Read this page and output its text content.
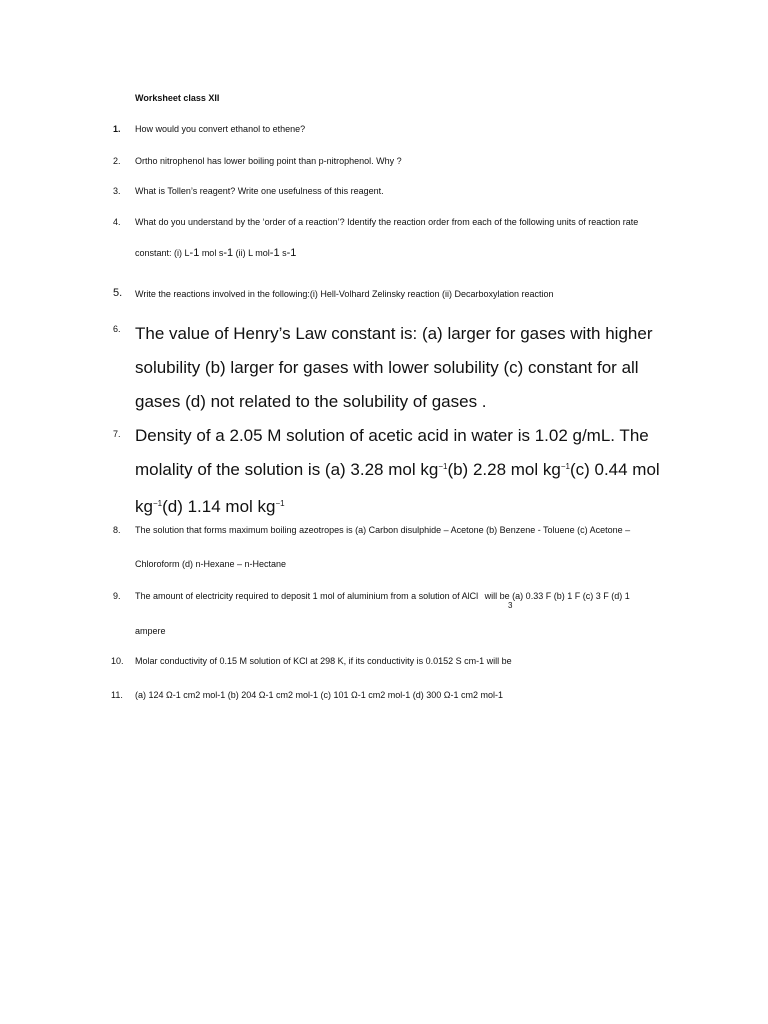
Worksheet class XII
1. How would you convert ethanol to ethene?
2. Ortho nitrophenol has lower boiling point than p-nitrophenol. Why ?
3. What is Tollen’s reagent? Write one usefulness of this reagent.
4. What do you understand by the ‘order of a reaction’? Identify the reaction order from each of the following units of reaction rate
constant: (i) L-1 mol s-1 (ii) L mol-1 s-1
5. Write the reactions involved in the following:(i) Hell-Volhard Zelinsky reaction (ii) Decarboxylation reaction
6. The value of Henry’s Law constant is: (a) larger for gases with higher solubility (b) larger for gases with lower solubility (c) constant for all gases (d) not related to the solubility of gases .
7. Density of a 2.05 M solution of acetic acid in water is 1.02 g/mL. The molality of the solution is (a) 3.28 mol $kg^{-1}(b)$ 2.28 mol $kg^{-1}(c)$ 0.44 mol $kg^{-1}(d)$ 1.14 mol $kg^{-1}$
8. The solution that forms maximum boiling azeotropes is (a) Carbon disulphide – Acetone (b) Benzene - Toluene (c) Acetone –
Chloroform (d) n-Hexane – n-Hectane
9. The amount of electricity required to deposit 1 mol of aluminium from a solution of AlCl will be (a) 0.33 F (b) 1 F (c) 3 F (d) 1
3
ampere
10. Molar conductivity of 0.15 M solution of KCl at 298 K, if its conductivity is 0.0152 S cm-1 will be
11. (a) 124 Ω-1 cm2 mol-1 (b) 204 Ω-1 cm2 mol-1 (c) 101 Ω-1 cm2 mol-1 (d) 300 Ω-1 cm2 mol-1
